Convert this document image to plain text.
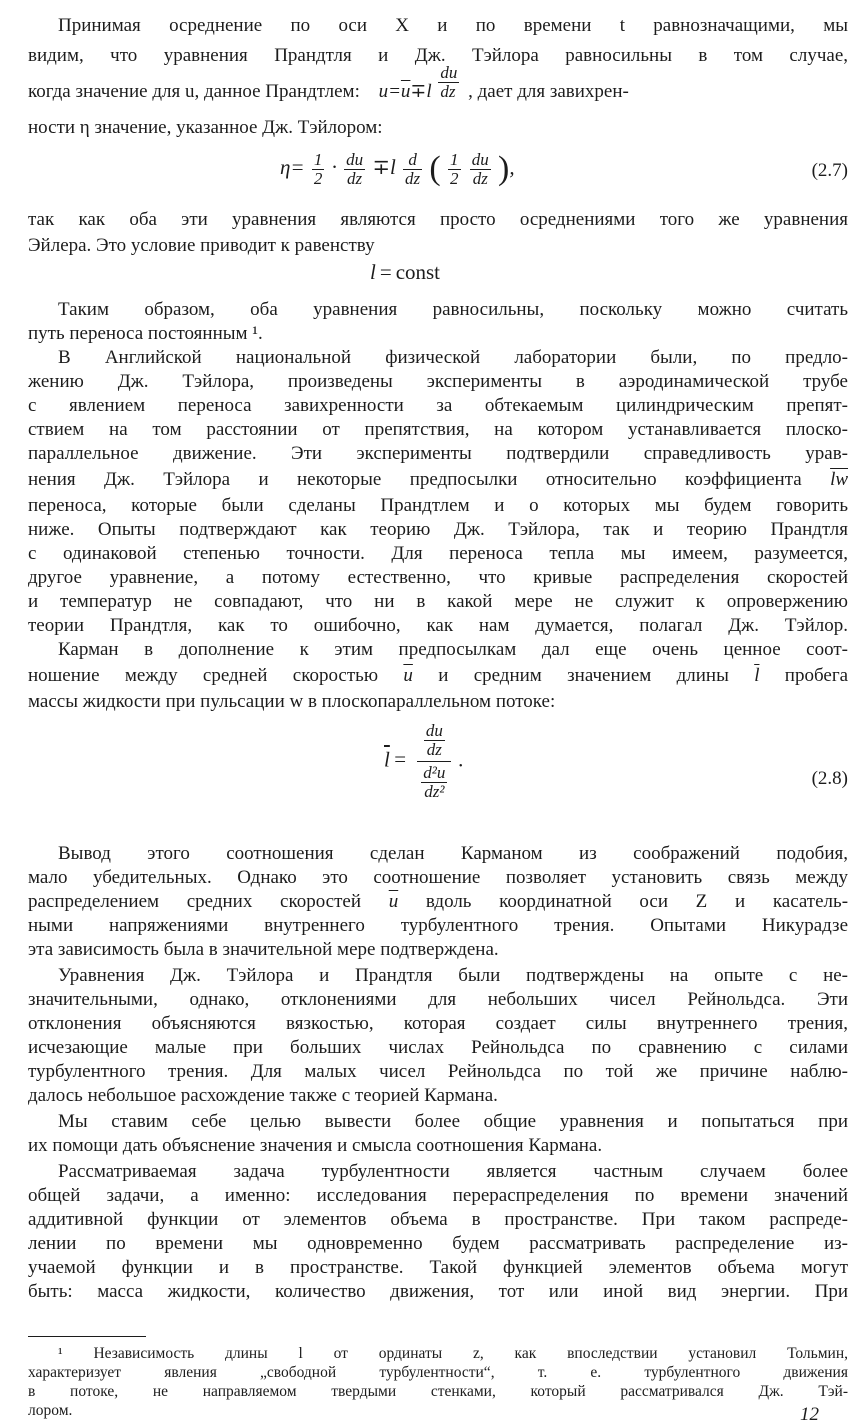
Принимая осреднение по оси X и по времени t равнозначащими, мы
видим, что уравнения Прандтля и Дж. Тэйлора равносильны в том случае,
когда значение для u, данное Прандтлем: $u=\overline{u}\mp l \frac{du}{dz}$ , дает для завихрен-
ности η значение, указанное Дж. Тэйлором:
$\eta= \frac{1}{2} \cdot \frac{du}{dz} \mp l \frac{d}{dz}$ ( $\frac{1}{2}$
$\frac{du}{dz}$ ),	(2.7)
так как оба эти уравнения являются просто осреднениями того же уравнения
Эйлера. Это условие приводит к равенству
l = const
Таким образом, оба уравнения равносильны, поскольку можно считать
путь переноса постоянным ¹.
В Английской национальной физической лаборатории были, по предло-
жению Дж. Тэйлора, произведены эксперименты в аэродинамической трубе
с явлением переноса завихренности за обтекаемым цилиндрическим препят-
ствием на том расстоянии от препятствия, на котором устанавливается плоско-
параллельное движение. Эти эксперименты подтвердили справедливость урав-
нения Дж. Тэйлора и некоторые предпосылки относительно коэффициента $\overline{lw}$
переноса, которые были сделаны Прандтлем и о которых мы будем говорить
ниже. Опыты подтверждают как теорию Дж. Тэйлора, так и теорию Прандтля
с одинаковой степенью точности. Для переноса тепла мы имеем, разумеется,
другое уравнение, а потому естественно, что кривые распределения скоростей
и температур не совпадают, что ни в какой мере не служит к опровержению
теории Прандтля, как то ошибочно, как нам думается, полагал Дж. Тэйлор.
Карман в дополнение к этим предпосылкам дал еще очень ценное соот-
ношение между средней скоростью $\overline{u}$ и средним значением длины $\overline{l}$ пробега
массы жидкости при пульсации w в плоскопараллельном потоке:
$\overline{l} = \frac{\frac{du}{dz}}{\frac{\text{d²u}}{\text{dz²}}}$ .
(2.8)
Вывод этого соотношения сделан Карманом из соображений подобия,
мало убедительных. Однако это соотношение позволяет установить связь между
распределением средних скоростей $\overline{u}$ вдоль координатной оси Z и касатель-
ными напряжениями внутреннего турбулентного трения. Опытами Никурадзе
эта зависимость была в значительной мере подтверждена.
Уравнения Дж. Тэйлора и Прандтля были подтверждены на опыте с не-
значительными, однако, отклонениями для небольших чисел Рейнольдса. Эти
отклонения объясняются вязкостью, которая создает силы внутреннего трения,
исчезающие малые при больших числах Рейнольдса по сравнению с силами
турбулентного трения. Для малых чисел Рейнольдса по той же причине наблю-
далось небольшое расхождение также с теорией Кармана.
Мы ставим себе целью вывести более общие уравнения и попытаться при
их помощи дать объяснение значения и смысла соотношения Кармана.
Рассматриваемая задача турбулентности является частным случаем более
общей задачи, а именно: исследования перераспределения по времени значений
аддитивной функции от элементов объема в пространстве. При таком распреде-
лении по времени мы одновременно будем рассматривать распределение из-
учаемой функции и в пространстве. Такой функцией элементов объема могут
быть: масса жидкости, количество движения, тот или иной вид энергии. При
¹ Независимость длины l от ординаты z, как впоследствии установил Тольмин,
характеризует явления „свободной турбулентности“, т. е. турбулентного движения
в потоке, не направляемом твердыми стенками, который рассматривался Дж. Тэй-
лором.	12
